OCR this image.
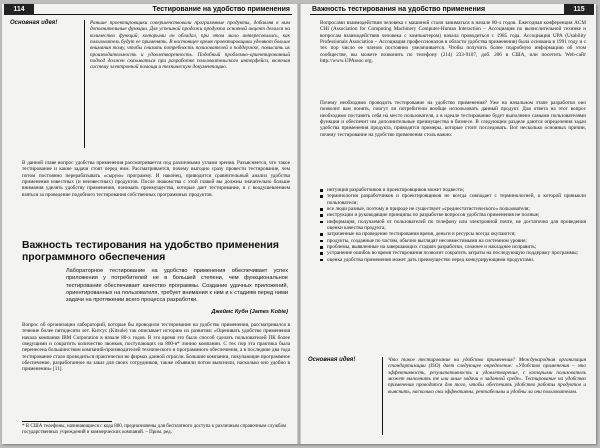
114	Тестирование на удобство применения
Основная идея!	Раньше проектировщики совершенствовали программные продукты, добавляя к ним дополнительные функции. Для успешной продажи продукта основной акцент делался на количество функций, которыми он обладал, при этом мало интересовались, как пользователь будут ее применять. В настоящее время проектировщики уделяют больше внимания тому, чтобы снизить потребность пользователей в поддержке, повысить их производительность и удовлетворенность. Подобный проблемно-ориентированный подход должен сказываться при разработке пользовательского интерфейса, включая систему электронной помощи и техническую документацию.
В данной главе вопрос удобства применения рассматривается под различными углами зрения. Разъясняется, что такое тестирование и какие задачи стоят перед ним. Рассматривается, почему выгодно сразу провести тестирование, чем потом постоянно перерабатывать «сырую» программу. И наконец, приводится сравнительный анализ удобства применения известных (и неизвестных) продуктов. После знакомства с этой главой вы должны значительно больше внимания уделять удобству применения, понимать преимущества, которые дает тестирование, и с воодушевлением взяться за проведение подобного тестирования собственных программных продуктов.
Важность тестирования на удобство применения программного обеспечения
Лабораторное тестирование на удобство применения обеспечивает успех приложения у потребителей не в большей степени, чем функциональное тестирование обеспечивает качество программы. Создание удачных приложений, ориентированных на пользователя, требует внимания к ним и к стадиям перед ними задачи на протяжении всего процесса разработки.
Джеймс Кубн (James Kobie)
Вопрос об организации лабораторий, которые бы проводили тестирование на удобство применения, рассматривался в течение более пятидесяти лет. Китсус (Kitsule) так описывает историю их развития: «Оценивать удобство применения начала компания IBM Corporation в начале 80-х годов. В это время это было способ сделать пользователей ПК более сведущими и сократить количество звонков, поступающих на 800-я* линию компании. С тех пор эта практика была перенесена большинством компаний-производителей технического и программного обеспечения, а в последние два года тестирование стало проводиться практически во фирмах данной отрасли. Большие компании, покупающие программное обеспечение, разработанное на заказ для своих сотрудников, также объявили потом выяснили, насколько оно удобно в применении» [11].
* В США телефоны, начинающиеся с кода 800, предназначены для бесплатного доступа к различным справочным службам государственных учреждений и коммерческих компаний. – Прим. ред.
Важность тестирования на удобство применения	115
Вопросами взаимодействия человека с машиной стали заниматься в начале 80-х годов. Ежегодная конференция ACM CHI (Association for Computing Machinery Computer-Human Interaction – Ассоциация по вычислительной технике и вопросам взаимодействия человека с компьютером) начала проводиться с 1985 года. Ассоциация UPA (Usability Professionals Association – Ассоциация профессионалов в области удобства применения) была основана в 1991 году и с тех пор число ее членов постоянно увеличивается. Чтобы получить более подробную информацию об этом сообществе, вы можете позвонить по телефону (214) 233-9107, доб. 206 в США, или посетить Web-сайт http://www.UPAssoc.org.
Почему необходимо проводить тестирование на удобство применения? Уже на начальном этапе разработки оно позволит вам понять, смогут ли потребители вообще использовать данный продукт. Для ответа на этот вопрос необходимо поставить себя на место пользователя, а в идеале тестирование будет выполнено самыми пользователями функции и обеспечит им дополнительные преимущества в бизнесе. В следующем разделе даются определения задач удобства применения продукта, приводятся примеры, которые стоит последовать. Вот несколько основных причин, почему тестирование на удобство применения столь важно:
интуиция разработчиков и проектировщиков может подвести;
терминология разработчиков и проектировщиков не всегда совпадает с терминологией, к которой привыкли пользователи;
все люди разные, поэтому в природе не существует «среднестатистического» пользователя;
инструкции и руководящие принципы по разработке вопросов удобства применения не полные;
информация, получаемой от пользователей по телефону или электронной почте, не достаточно для проведения оценки качества продукта;
затраченные на проведение тестирования время, деньги и ресурсы всегда окупаются;
продукты, созданные по частям, обычно выглядят несовместимыми на системном уровне;
проблемы, выявленные на завершающих стадиях разработки, сложнее и накладнее исправить;
устранение ошибок во время тестирования позволит сократить затраты на последующую поддержку программы;
оценка удобства применения может дать преимущество перед конкурирующими продуктами.
Основная идея!	Что такое тестирование на удобство применения? Международная организация стандартизации (ISO) дает следующее определение: «Удобство применения – это эффективность, результативность и удовлетворение, с которыми пользователь может выполнить те или иные задачи в заданной среде». Тестирование на удобство применения проводится для того, чтобы обеспечить удобство работы продуктов и выяснить, насколько они эффективны, рентабельны и удобны ли они пользователям.
